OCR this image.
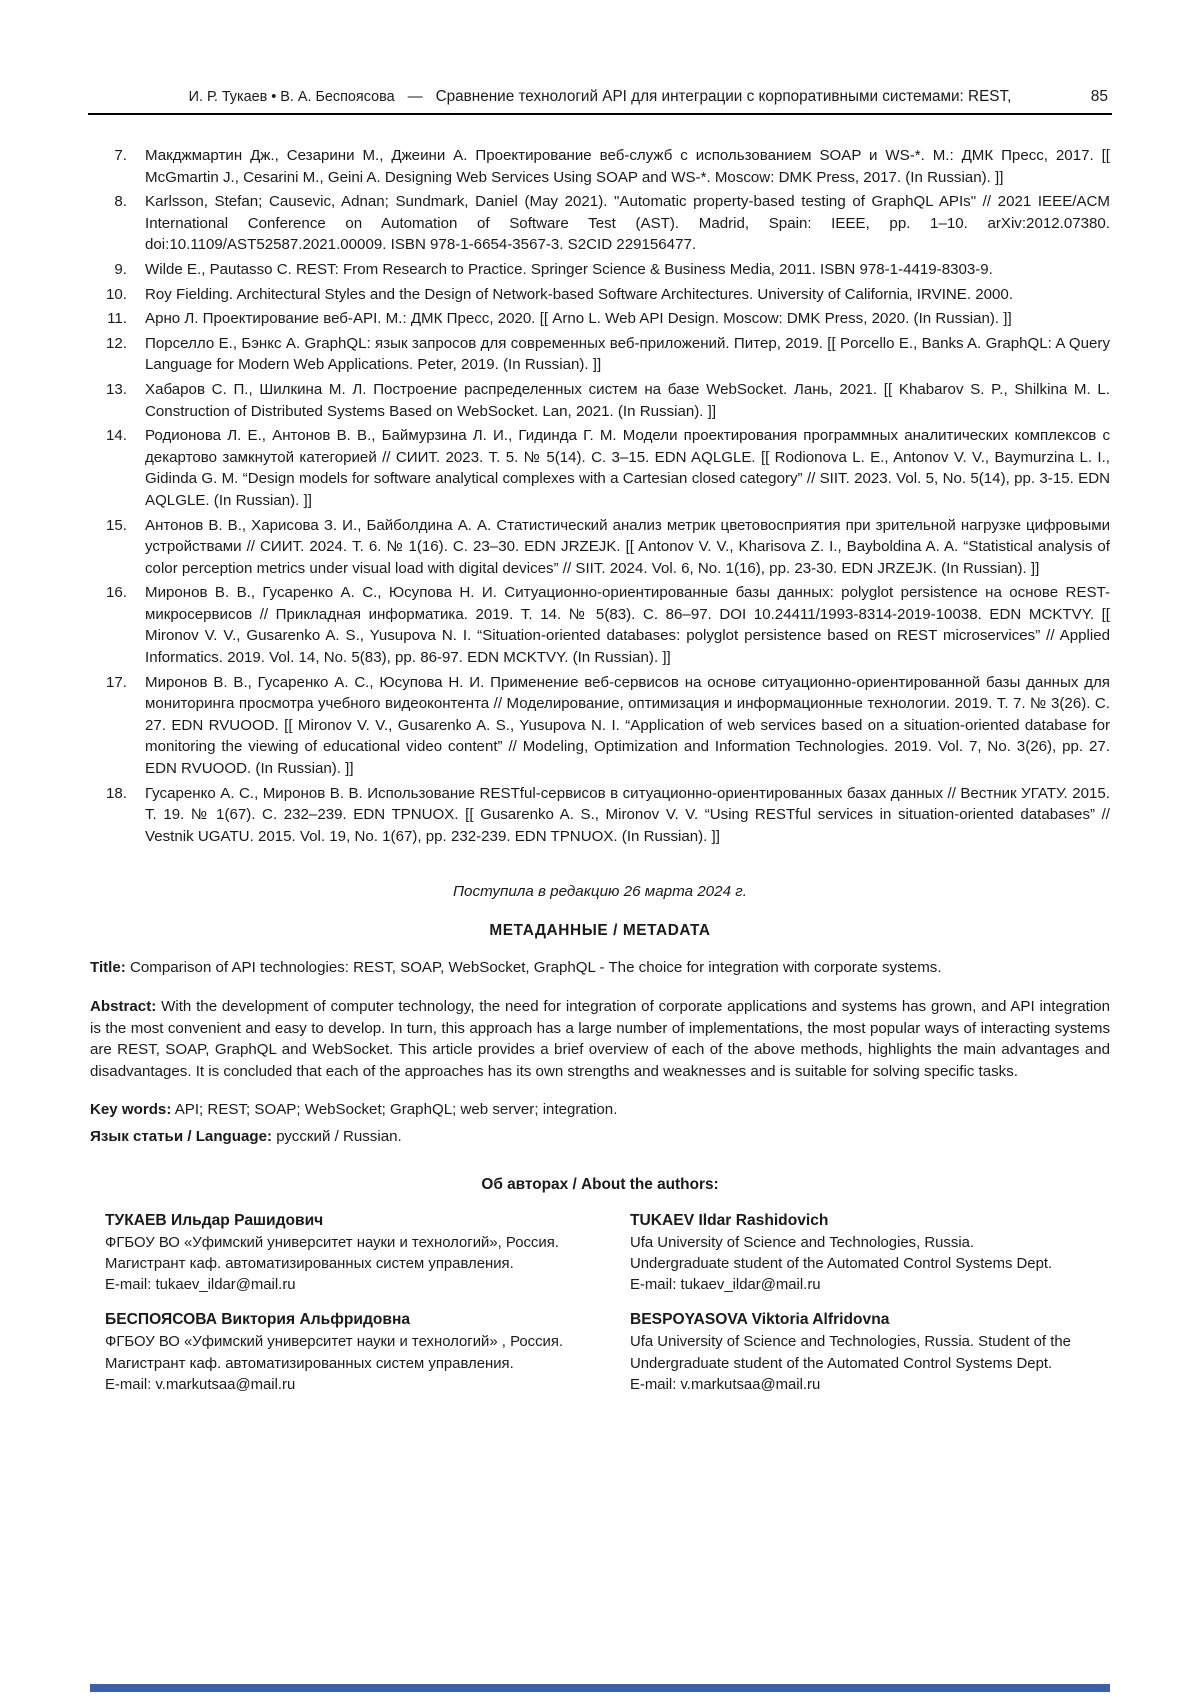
И. Р. Тукаев • В. А. Беспоясова — Сравнение технологий API для интеграции с корпоративными системами: REST,	85
7. Макджмартин Дж., Сезарини М., Джеини А. Проектирование веб-служб с использованием SOAP и WS-*. М.: ДМК Пресс, 2017. [[ McGmartin J., Cesarini M., Geini A. Designing Web Services Using SOAP and WS-*. Moscow: DMK Press, 2017. (In Russian). ]]
8. Karlsson, Stefan; Causevic, Adnan; Sundmark, Daniel (May 2021). "Automatic property-based testing of GraphQL APIs" // 2021 IEEE/ACM International Conference on Automation of Software Test (AST). Madrid, Spain: IEEE, pp. 1–10. arXiv:2012.07380. doi:10.1109/AST52587.2021.00009. ISBN 978-1-6654-3567-3. S2CID 229156477.
9. Wilde E., Pautasso C. REST: From Research to Practice. Springer Science & Business Media, 2011. ISBN 978-1-4419-8303-9.
10. Roy Fielding. Architectural Styles and the Design of Network-based Software Architectures. University of California, IRVINE. 2000.
11. Арно Л. Проектирование веб-API. М.: ДМК Пресс, 2020. [[ Arno L. Web API Design. Moscow: DMK Press, 2020. (In Russian). ]]
12. Порселло Е., Бэнкс А. GraphQL: язык запросов для современных веб-приложений. Питер, 2019. [[ Porcello E., Banks A. GraphQL: A Query Language for Modern Web Applications. Peter, 2019. (In Russian). ]]
13. Хабаров С. П., Шилкина М. Л. Построение распределенных систем на базе WebSocket. Лань, 2021. [[ Khabarov S. P., Shilkina M. L. Construction of Distributed Systems Based on WebSocket. Lan, 2021. (In Russian). ]]
14. Родионова Л. Е., Антонов В. В., Баймурзина Л. И., Гидинда Г. М. Модели проектирования программных аналитических комплексов с декартово замкнутой категорией // СИИТ. 2023. Т. 5. № 5(14). С. 3–15. EDN AQLGLE. [[ Rodionova L. E., Antonov V. V., Baymurzina L. I., Gidinda G. M. “Design models for software analytical complexes with a Cartesian closed category” // SIIT. 2023. Vol. 5, No. 5(14), pp. 3-15. EDN AQLGLE. (In Russian). ]]
15. Антонов В. В., Харисова З. И., Байболдина А. А. Статистический анализ метрик цветовосприятия при зрительной нагрузке цифровыми устройствами // СИИТ. 2024. Т. 6. № 1(16). С. 23–30. EDN JRZEJK. [[ Antonov V. V., Kharisova Z. I., Bayboldina A. A. “Statistical analysis of color perception metrics under visual load with digital devices” // SIIT. 2024. Vol. 6, No. 1(16), pp. 23-30. EDN JRZEJK. (In Russian). ]]
16. Миронов В. В., Гусаренко А. С., Юсупова Н. И. Ситуационно-ориентированные базы данных: polyglot persistence на основе REST-микросервисов // Прикладная информатика. 2019. Т. 14. № 5(83). С. 86–97. DOI 10.24411/1993-8314-2019-10038. EDN MCKTVY. [[ Mironov V. V., Gusarenko A. S., Yusupova N. I. “Situation-oriented databases: polyglot persistence based on REST microservices” // Applied Informatics. 2019. Vol. 14, No. 5(83), pp. 86-97. EDN MCKTVY. (In Russian). ]]
17. Миронов В. В., Гусаренко А. С., Юсупова Н. И. Применение веб-сервисов на основе ситуационно-ориентированной базы данных для мониторинга просмотра учебного видеоконтента // Моделирование, оптимизация и информационные технологии. 2019. Т. 7. № 3(26). С. 27. EDN RVUOOD. [[ Mironov V. V., Gusarenko A. S., Yusupova N. I. “Application of web services based on a situation-oriented database for monitoring the viewing of educational video content” // Modeling, Optimization and Information Technologies. 2019. Vol. 7, No. 3(26), pp. 27. EDN RVUOOD. (In Russian). ]]
18. Гусаренко А. С., Миронов В. В. Использование RESTful-сервисов в ситуационно-ориентированных базах данных // Вестник УГАТУ. 2015. Т. 19. № 1(67). С. 232–239. EDN TPNUOX. [[ Gusarenko A. S., Mironov V. V. “Using RESTful services in situation-oriented databases” // Vestnik UGATU. 2015. Vol. 19, No. 1(67), pp. 232-239. EDN TPNUOX. (In Russian). ]]
Поступила в редакцию 26 марта 2024 г.
МЕТАДАННЫЕ / METADATA
Title: Comparison of API technologies: REST, SOAP, WebSocket, GraphQL - The choice for integration with corporate systems.
Abstract: With the development of computer technology, the need for integration of corporate applications and systems has grown, and API integration is the most convenient and easy to develop. In turn, this approach has a large number of implementations, the most popular ways of interacting systems are REST, SOAP, GraphQL and WebSocket. This article provides a brief overview of each of the above methods, highlights the main advantages and disadvantages. It is concluded that each of the approaches has its own strengths and weaknesses and is suitable for solving specific tasks.
Key words: API; REST; SOAP; WebSocket; GraphQL; web server; integration.
Язык статьи / Language: русский / Russian.
Об авторах / About the authors:
ТУКАЕВ Ильдар Рашидович
ФГБОУ ВО «Уфимский университет науки и технологий», Россия.
Магистрант каф. автоматизированных систем управления.
E-mail: tukaev_ildar@mail.ru
БЕСПОЯСОВА Виктория Альфридовна
ФГБОУ ВО «Уфимский университет науки и технологий» , Россия.
Магистрант каф. автоматизированных систем управления.
E-mail: v.markutsaa@mail.ru
TUKAEV Ildar Rashidovich
Ufa University of Science and Technologies, Russia.
Undergraduate student of the Automated Control Systems Dept.
E-mail: tukaev_ildar@mail.ru
BESPOYASOVA Viktoria Alfridovna
Ufa University of Science and Technologies, Russia. Student of the
Undergraduate student of the Automated Control Systems Dept.
E-mail: v.markutsaa@mail.ru
